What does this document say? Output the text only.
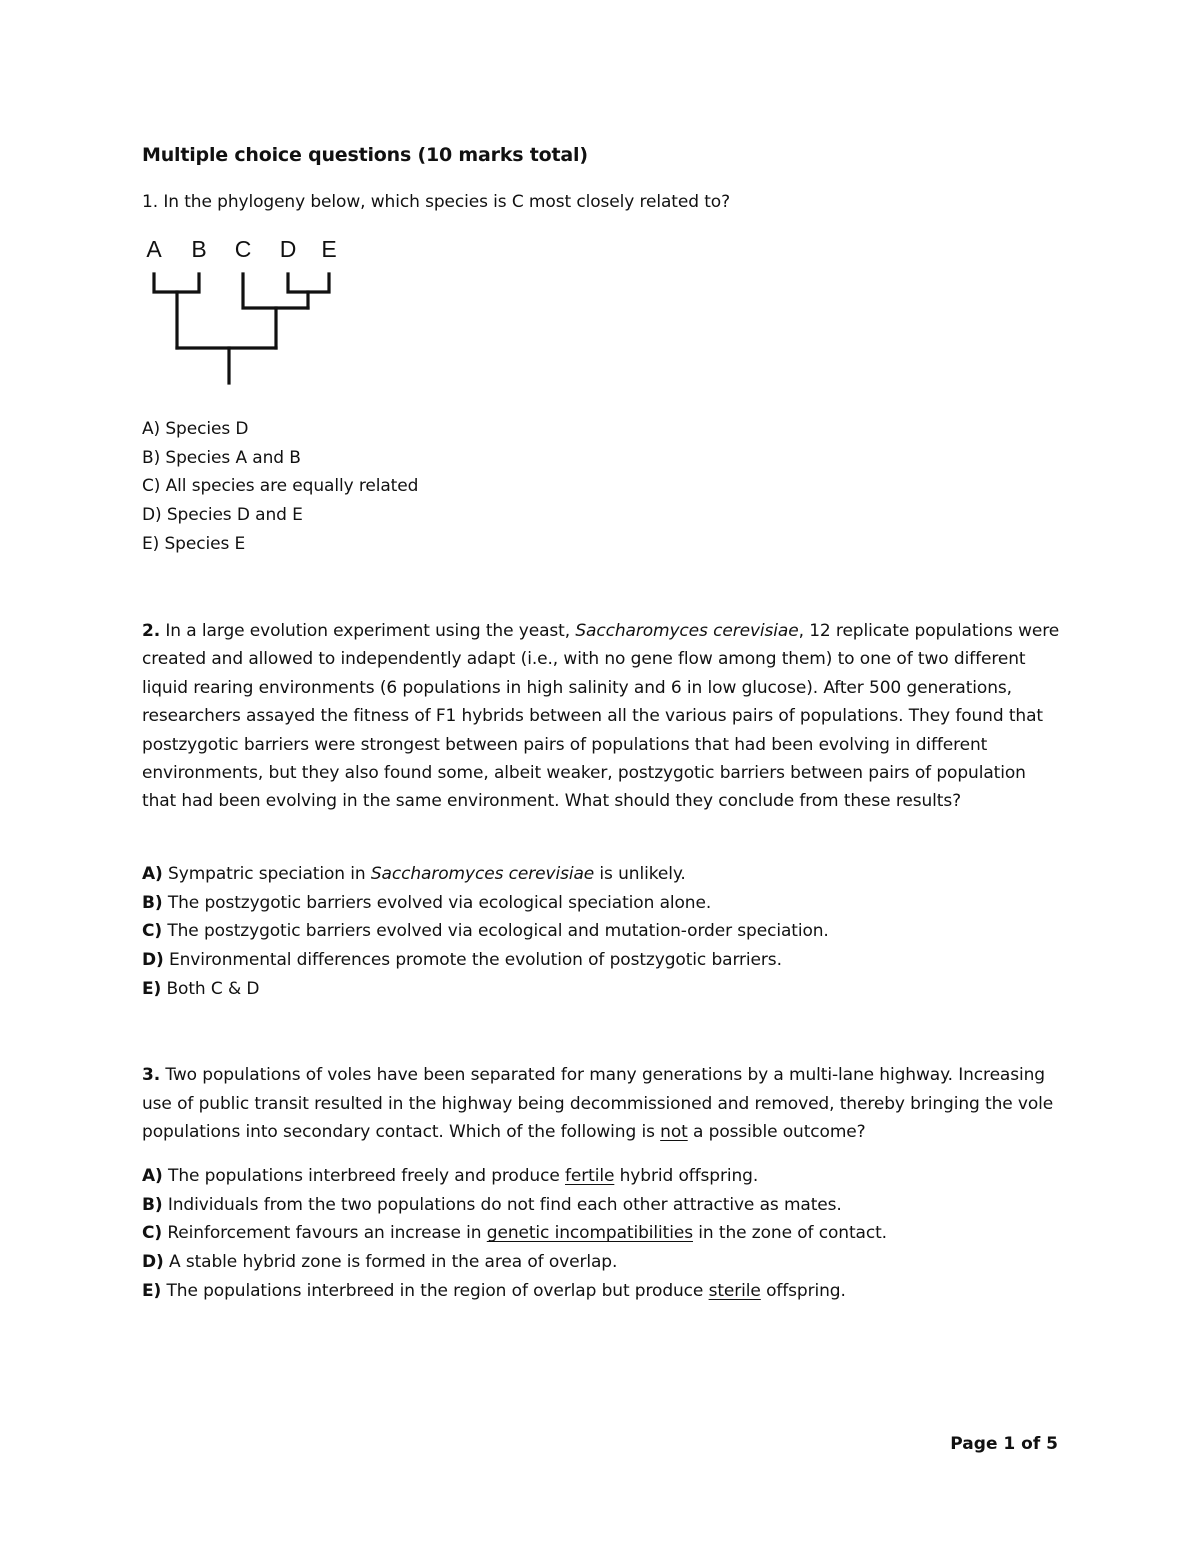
Multiple choice questions (10 marks total)

1. In the phylogeny below, which species is C most closely related to?

A B C D E
A) Species D
B) Species A and B
C) All species are equally related
D) Species D and E
E) Species E

2. In a large evolution experiment using the yeast, Saccharomyces cerevisiae, 12 replicate populations were created and allowed to independently adapt (i.e., with no gene flow among them) to one of two different liquid rearing environments (6 populations in high salinity and 6 in low glucose). After 500 generations, researchers assayed the fitness of F1 hybrids between all the various pairs of populations. They found that postzygotic barriers were strongest between pairs of populations that had been evolving in different environments, but they also found some, albeit weaker, postzygotic barriers between pairs of population that had been evolving in the same environment. What should they conclude from these results?

A) Sympatric speciation in Saccharomyces cerevisiae is unlikely.
B) The postzygotic barriers evolved via ecological speciation alone.
C) The postzygotic barriers evolved via ecological and mutation-order speciation.
D) Environmental differences promote the evolution of postzygotic barriers.
E) Both C & D

3. Two populations of voles have been separated for many generations by a multi-lane highway. Increasing use of public transit resulted in the highway being decommissioned and removed, thereby bringing the vole populations into secondary contact. Which of the following is not a possible outcome?

A) The populations interbreed freely and produce fertile hybrid offspring.
B) Individuals from the two populations do not find each other attractive as mates.
C) Reinforcement favours an increase in genetic incompatibilities in the zone of contact.
D) A stable hybrid zone is formed in the area of overlap.
E) The populations interbreed in the region of overlap but produce sterile offspring.

Page 1 of 5
